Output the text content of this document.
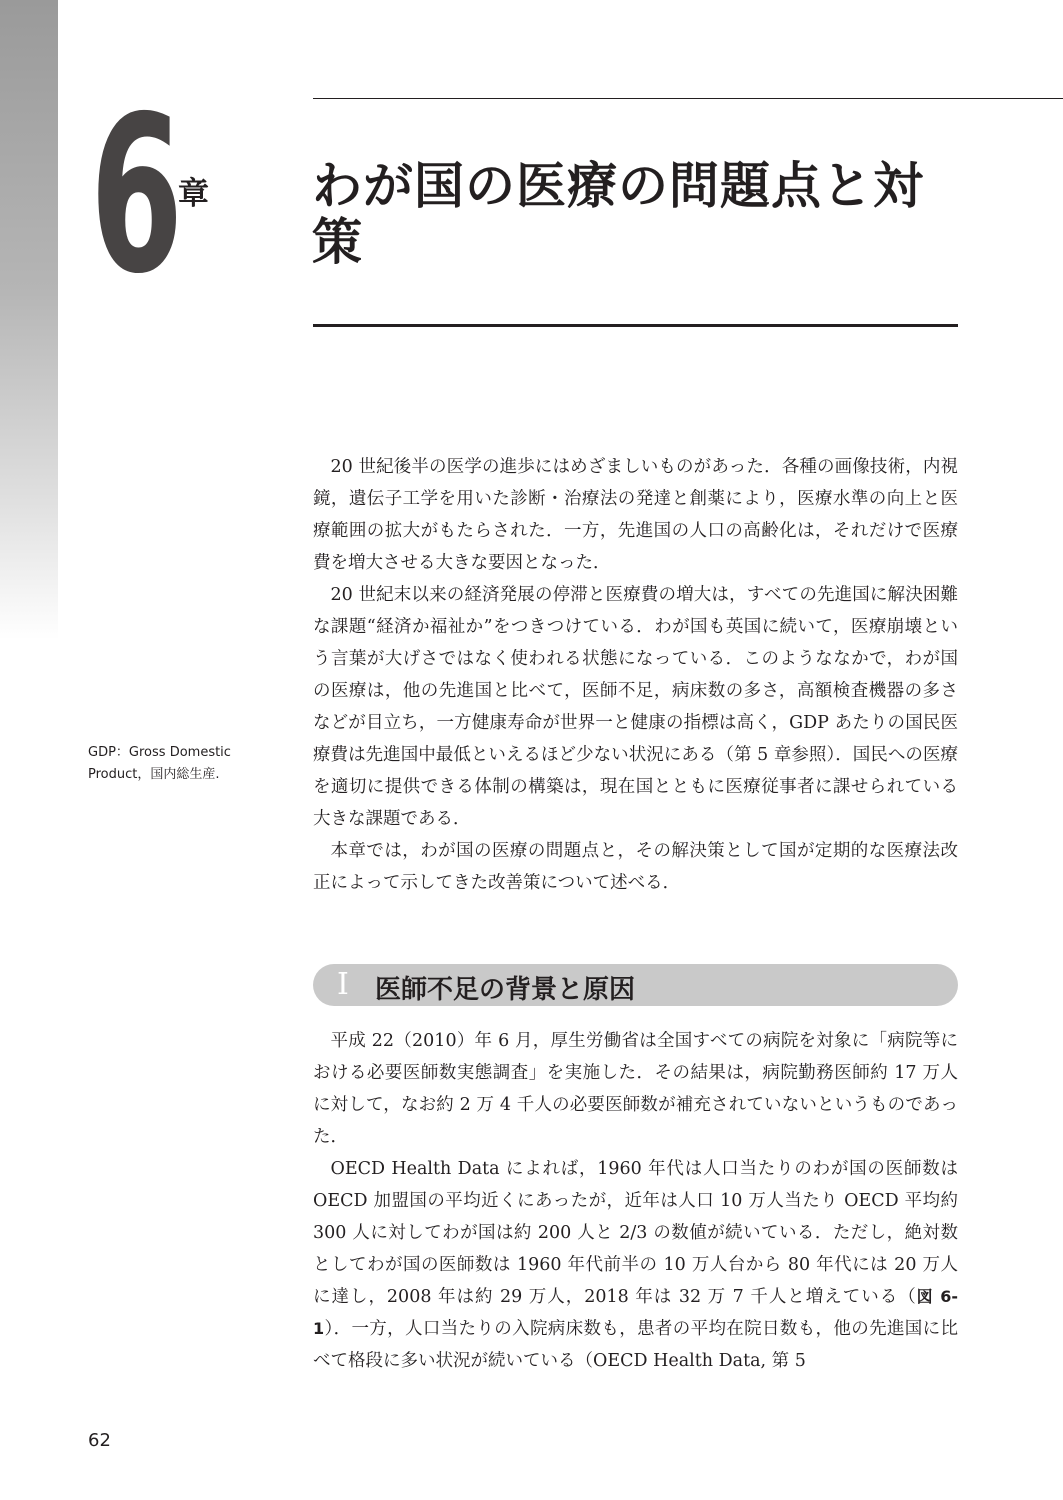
6
章 わが国の医療の問題点と対策

20 世紀後半の医学の進歩にはめざましいものがあった．各種の画像技術，内視鏡，遺伝子工学を用いた診断・治療法の発達と創薬により，医療水準の向上と医療範囲の拡大がもたらされた．一方，先進国の人口の高齢化は，それだけで医療費を増大させる大きな要因となった．

20 世紀末以来の経済発展の停滞と医療費の増大は，すべての先進国に解決困難な課題“経済か福祉か”をつきつけている．わが国も英国に続いて，医療崩壊という言葉が大げさではなく使われる状態になっている．このようななかで，わが国の医療は，他の先進国と比べて，医師不足，病床数の多さ，高額検査機器の多さなどが目立ち，一方健康寿命が世界一と健康の指標は高く，GDP あたりの国民医療費は先進国中最低といえるほど少ない状況にある（第 5 章参照）．国民への医療を適切に提供できる体制の構築は，現在国とともに医療従事者に課せられている大きな課題である．

本章では，わが国の医療の問題点と，その解決策として国が定期的な医療法改正によって示してきた改善策について述べる．

GDP：Gross Domestic
Product，国内総生産.
I 医師不足の背景と原因

平成 22（2010）年 6 月，厚生労働省は全国すべての病院を対象に「病院等における必要医師数実態調査」を実施した．その結果は，病院勤務医師約 17 万人に対して，なお約 2 万 4 千人の必要医師数が補充されていないというものであった．

OECD Health Data によれば，1960 年代は人口当たりのわが国の医師数は OECD 加盟国の平均近くにあったが，近年は人口 10 万人当たり OECD 平均約 300 人に対してわが国は約 200 人と 2/3 の数値が続いている．ただし，絶対数としてわが国の医師数は 1960 年代前半の 10 万人台から 80 年代には 20 万人に達し，2008 年は約 29 万人，2018 年は 32 万 7 千人と増えている（図 6-1）．一方，人口当たりの入院病床数も，患者の平均在院日数も，他の先進国に比べて格段に多い状況が続いている（OECD Health Data, 第 5

62
